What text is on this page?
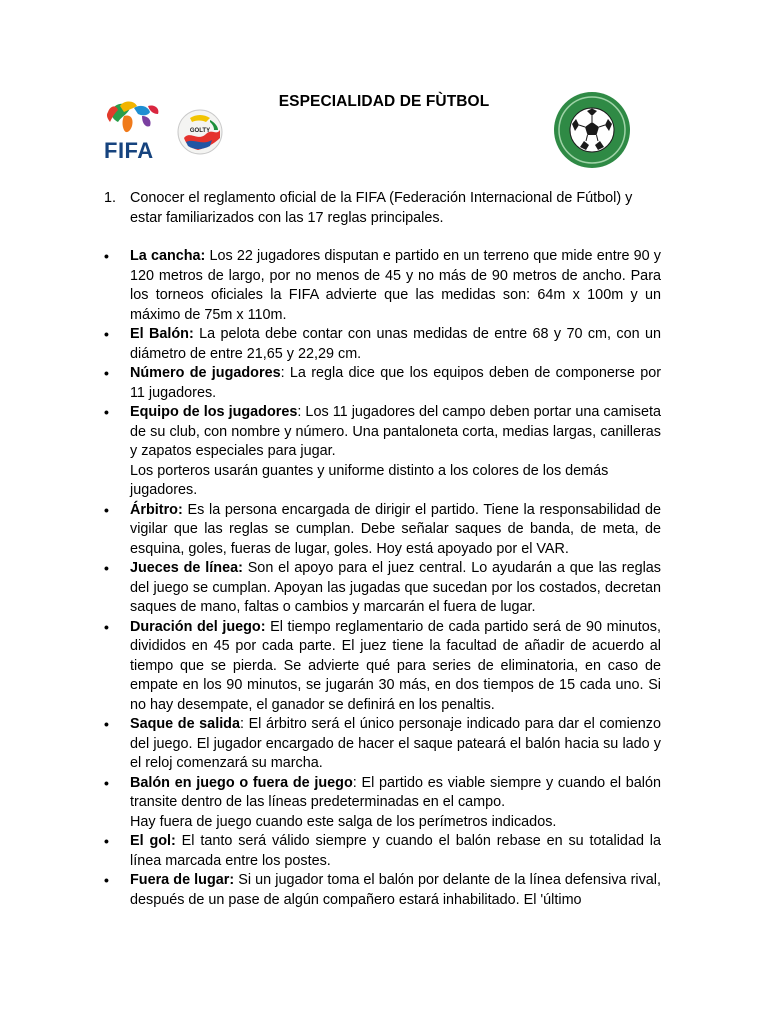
FIFA
GOLTY
ESPECIALIDAD DE FÙTBOL
1. Conocer el reglamento oficial de la FIFA (Federación Internacional de Fútbol) y estar familiarizados con las 17 reglas principales.
• La cancha: Los 22 jugadores disputan e partido en un terreno que mide entre 90 y 120 metros de largo, por no menos de 45 y no más de 90 metros de ancho. Para los torneos oficiales la FIFA advierte que las medidas son: 64m x 100m y un máximo de 75m x 110m.
• El Balón: La pelota debe contar con unas medidas de entre 68 y 70 cm, con un diámetro de entre 21,65 y 22,29 cm.
• Número de jugadores: La regla dice que los equipos deben de componerse por 11 jugadores.
• Equipo de los jugadores: Los 11 jugadores del campo deben portar una camiseta de su club, con nombre y número. Una pantaloneta corta, medias largas, canilleras y zapatos especiales para jugar.
Los porteros usarán guantes y uniforme distinto a los colores de los demás jugadores.
• Árbitro: Es la persona encargada de dirigir el partido. Tiene la responsabilidad de vigilar que las reglas se cumplan. Debe señalar saques de banda, de meta, de esquina, goles, fueras de lugar, goles. Hoy está apoyado por el VAR.
• Jueces de línea: Son el apoyo para el juez central. Lo ayudarán a que las reglas del juego se cumplan. Apoyan las jugadas que sucedan por los costados, decretan saques de mano, faltas o cambios y marcarán el fuera de lugar.
• Duración del juego: El tiempo reglamentario de cada partido será de 90 minutos, divididos en 45 por cada parte. El juez tiene la facultad de añadir de acuerdo al tiempo que se pierda. Se advierte qué para series de eliminatoria, en caso de empate en los 90 minutos, se jugarán 30 más, en dos tiempos de 15 cada uno. Si no hay desempate, el ganador se definirá en los penaltis.
• Saque de salida: El árbitro será el único personaje indicado para dar el comienzo del juego. El jugador encargado de hacer el saque pateará el balón hacia su lado y el reloj comenzará su marcha.
• Balón en juego o fuera de juego: El partido es viable siempre y cuando el balón transite dentro de las líneas predeterminadas en el campo.
Hay fuera de juego cuando este salga de los perímetros indicados.
• El gol: El tanto será válido siempre y cuando el balón rebase en su totalidad la línea marcada entre los postes.
• Fuera de lugar: Si un jugador toma el balón por delante de la línea defensiva rival, después de un pase de algún compañero estará inhabilitado. El 'último
